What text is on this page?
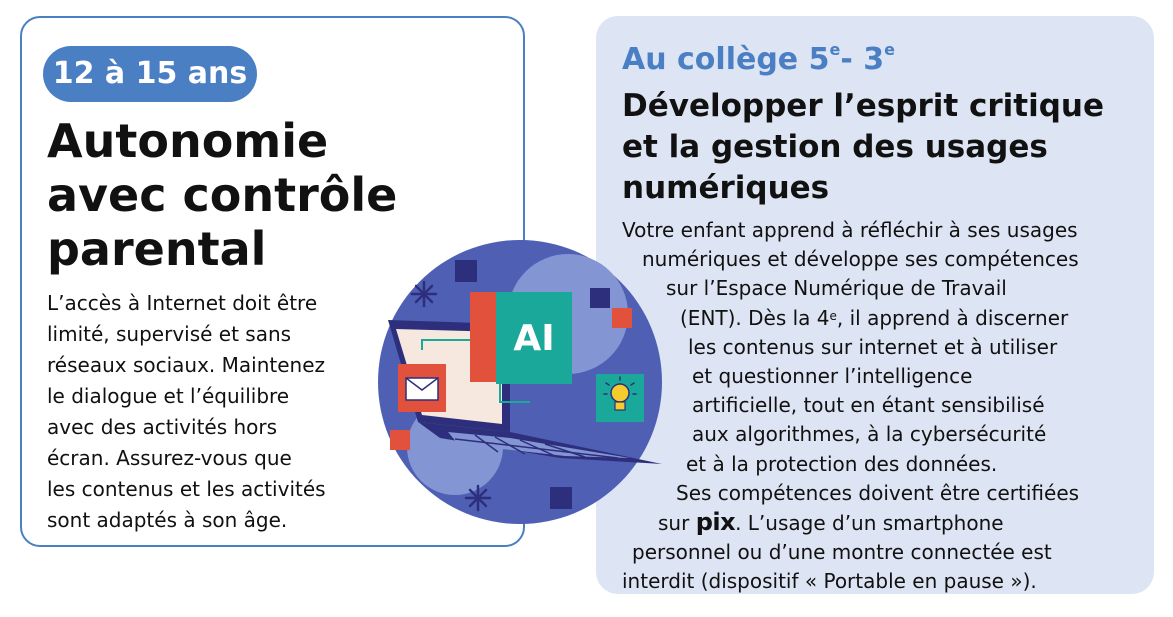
12 à 15 ans
Autonomie
avec contrôle
parental
L’accès à Internet doit être
limité, supervisé et sans
réseaux sociaux. Maintenez
le dialogue et l’équilibre
avec des activités hors
écran. Assurez-vous que
les contenus et les activités
sont adaptés à son âge.
Au collège 5e- 3e
Développer l’esprit critique
et la gestion des usages
numériques
Votre enfant apprend à réfléchir à ses usages
numériques et développe ses compétences
sur l’Espace Numérique de Travail
(ENT). Dès la 4e, il apprend à discerner
les contenus sur internet et à utiliser
et questionner l’intelligence
artificielle, tout en étant sensibilisé
aux algorithmes, à la cybersécurité
et à la protection des données.
Ses compétences doivent être certifiées
sur pix. L’usage d’un smartphone
personnel ou d’une montre connectée est
interdit (dispositif « Portable en pause »).
AI
